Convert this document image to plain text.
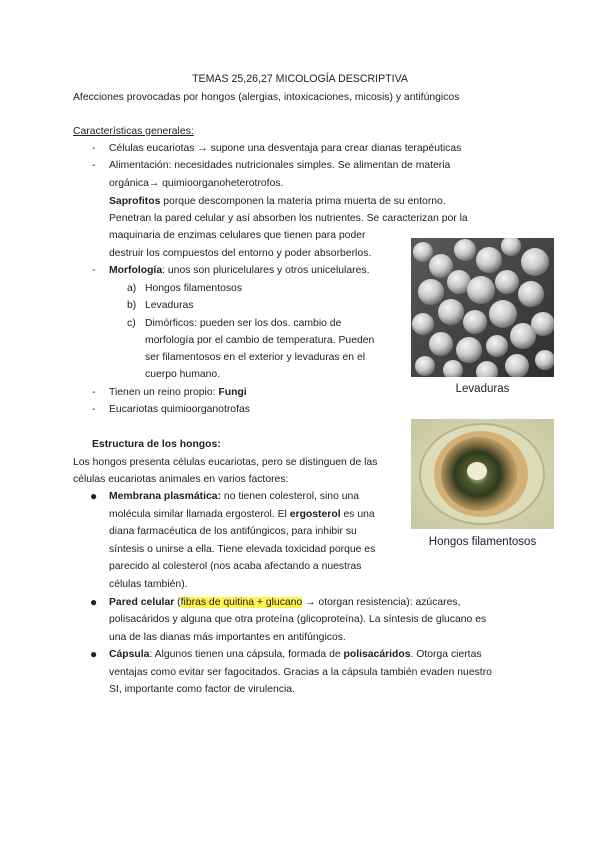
TEMAS 25,26,27 MICOLOGÍA DESCRIPTIVA
Afecciones provocadas por hongos (alergias, intoxicaciones, micosis) y antifúngicos
Características generales:
- Células eucariotas → supone una desventaja para crear dianas terapéuticas
- Alimentación: necesidades nutricionales simples. Se alimentan de materia
orgánica→ quimioorganoheterotrofos.
Saprofitos porque descomponen la materia prima muerta de su entorno.
Penetran la pared celular y así absorben los nutrientes. Se caracterizan por la
maquinaria de enzimas celulares que tienen para poder
destruir los compuestos del entorno y poder absorberlos.
- Morfología: unos son pluricelulares y otros unicelulares.
a) Hongos filamentosos
b) Levaduras
c) Dimórficos: pueden ser los dos. cambio de
morfología por el cambio de temperatura. Pueden
ser filamentosos en el exterior y levaduras en el
cuerpo humano.
- Tienen un reino propio: Fungi
- Eucariotas quimioorganotrofas
Estructura de los hongos:
Los hongos presenta células eucariotas, pero se distinguen de las
células eucariotas animales en varios factores:
● Membrana plasmática: no tienen colesterol, sino una
molécula similar llamada ergosterol. El ergosterol es una
diana farmacéutica de los antifúngicos, para inhibir su
síntesis o unirse a ella. Tiene elevada toxicidad porque es
parecido al colesterol (nos acaba afectando a nuestras
células también).
● Pared celular (fibras de quitina + glucano → otorgan resistencia): azúcares,
polisacáridos y alguna que otra proteína (glicoproteína). La síntesis de glucano es
una de las dianas más importantes en antifúngicos.
● Cápsula: Algunos tienen una cápsula, formada de polisacáridos. Otorga ciertas
ventajas como evitar ser fagocitados. Gracias a la cápsula también evaden nuestro
SI, importante como factor de virulencia.
Levaduras
Hongos filamentosos
